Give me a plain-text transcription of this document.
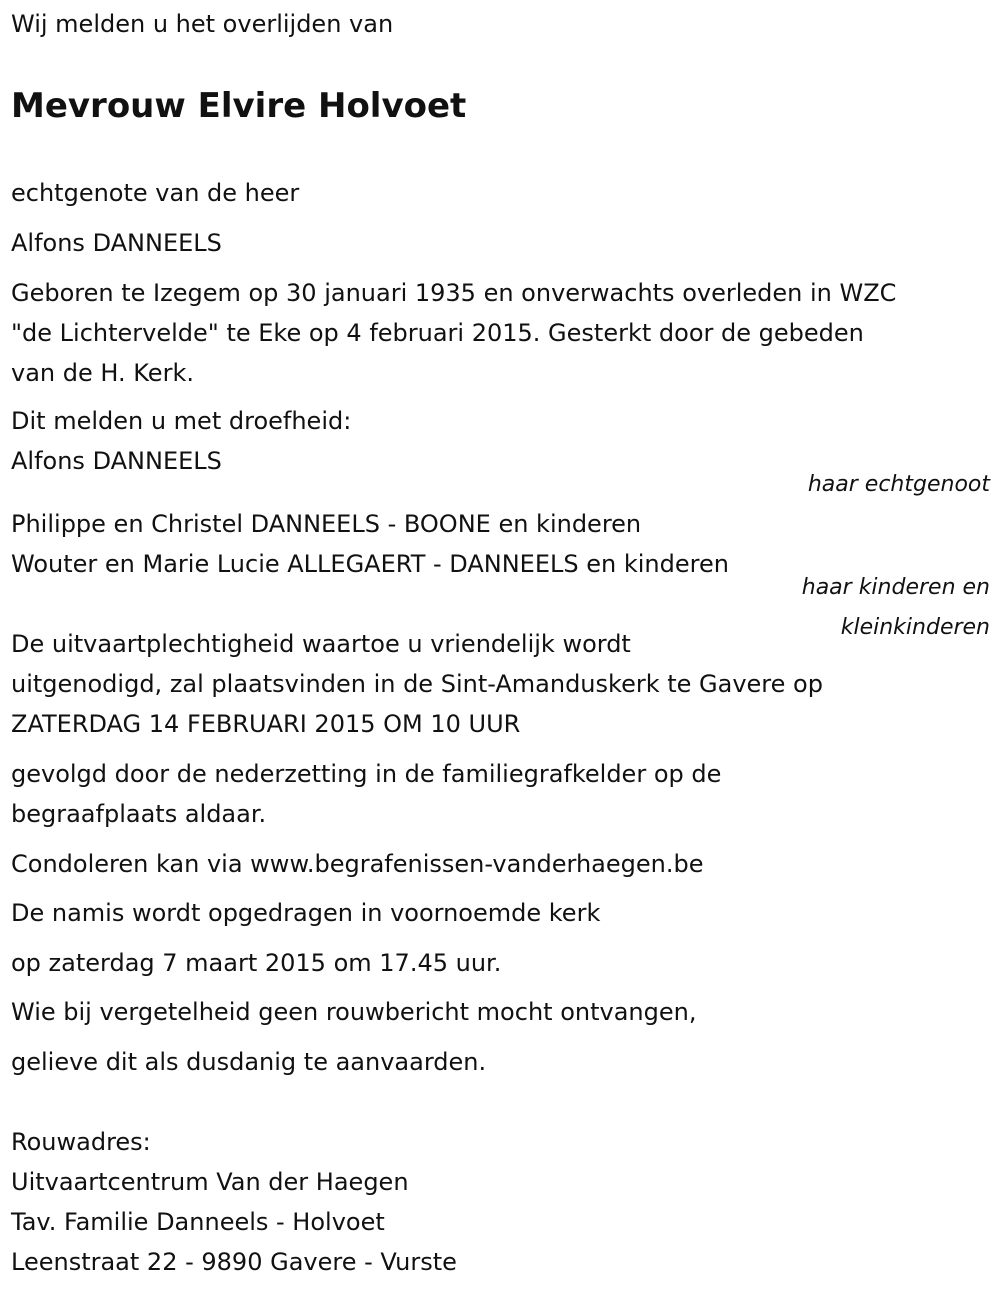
Wij melden u het overlijden van

Mevrouw Elvire Holvoet

echtgenote van de heer

Alfons DANNEELS

Geboren te Izegem op 30 januari 1935 en onverwachts overleden in WZC

"de Lichtervelde" te Eke op 4 februari 2015. Gesterkt door de gebeden

van de H. Kerk.

Dit melden u met droefheid:

Alfons DANNEELS

haar echtgenoot

Philippe en Christel DANNEELS - BOONE en kinderen

Wouter en Marie Lucie ALLEGAERT - DANNEELS en kinderen

haar kinderen en

kleinkinderen

De uitvaartplechtigheid waartoe u vriendelijk wordt

uitgenodigd, zal plaatsvinden in de Sint-Amanduskerk te Gavere op

ZATERDAG 14 FEBRUARI 2015 OM 10 UUR

gevolgd door de nederzetting in de familiegrafkelder op de

begraafplaats aldaar.

Condoleren kan via www.begrafenissen-vanderhaegen.be

De namis wordt opgedragen in voornoemde kerk

op zaterdag 7 maart 2015 om 17.45 uur.

Wie bij vergetelheid geen rouwbericht mocht ontvangen,

gelieve dit als dusdanig te aanvaarden.

Rouwadres:

Uitvaartcentrum Van der Haegen

Tav. Familie Danneels - Holvoet

Leenstraat 22 - 9890 Gavere - Vurste
